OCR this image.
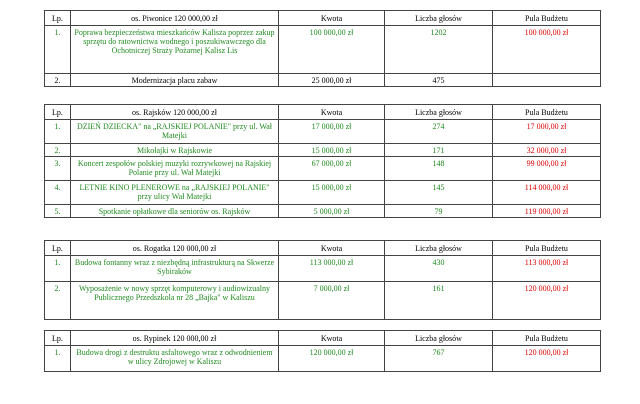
Lp.	os. Piwonice 120 000,00 zł	Kwota	Liczba głosów	Pula Budżetu
1.	Poprawa bezpieczeństwa mieszkańców Kalisza poprzez zakup sprzętu do ratownictwa wodnego i poszukiwawczego dla Ochotniczej Straży Pożarnej Kalisz Lis	100 000,00 zł	1202	100 000,00 zł
2.	Modernizacja placu zabaw	25 000,00 zł	475	
Lp.	os. Rajsków 120 000,00 zł	Kwota	Liczba głosów	Pula Budżetu
1.	DZIEŃ DZIECKA" na „RAJSKIEJ POLANIE" przy ul. Wał Matejki	17 000,00 zł	274	17 000,00 zł
2.	Mikołajki w Rajskowie	15 000,00 zł	171	32 000,00 zł
3.	Koncert zespołów polskiej muzyki rozrywkowej na Rajskiej Polanie przy ul. Wał Matejki	67 000,00 zł	148	99 000,00 zł
4.	LETNIE KINO PLENEROWE na „RAJSKIEJ POLANIE" przy ulicy Wał Matejki	15 000,00 zł	145	114 000,00 zł
5.	Spotkanie opłatkowe dla seniorów os. Rajsków	5 000,00 zł	79	119 000,00 zł
Lp.	os. Rogatka 120 000,00 zł	Kwota	Liczba głosów	Pula Budżetu
1.	Budowa fontanny wraz z niezbędną infrastrukturą na Skwerze Sybiraków	113 000,00 zł	430	113 000,00 zł
2.	Wyposażenie w nowy sprzęt komputerowy i audiowizualny Publicznego Przedszkola nr 28 „Bajka" w Kaliszu	7 000,00 zł	161	120 000,00 zł
Lp.	os. Rypinek 120 000,00 zł	Kwota	Liczba głosów	Pula Budżetu
1.	Budowa drogi z destruktu asfaltowego wraz z odwodnieniem w ulicy Zdrojowej w Kaliszu	120 000,00 zł	767	120 000,00 zł
